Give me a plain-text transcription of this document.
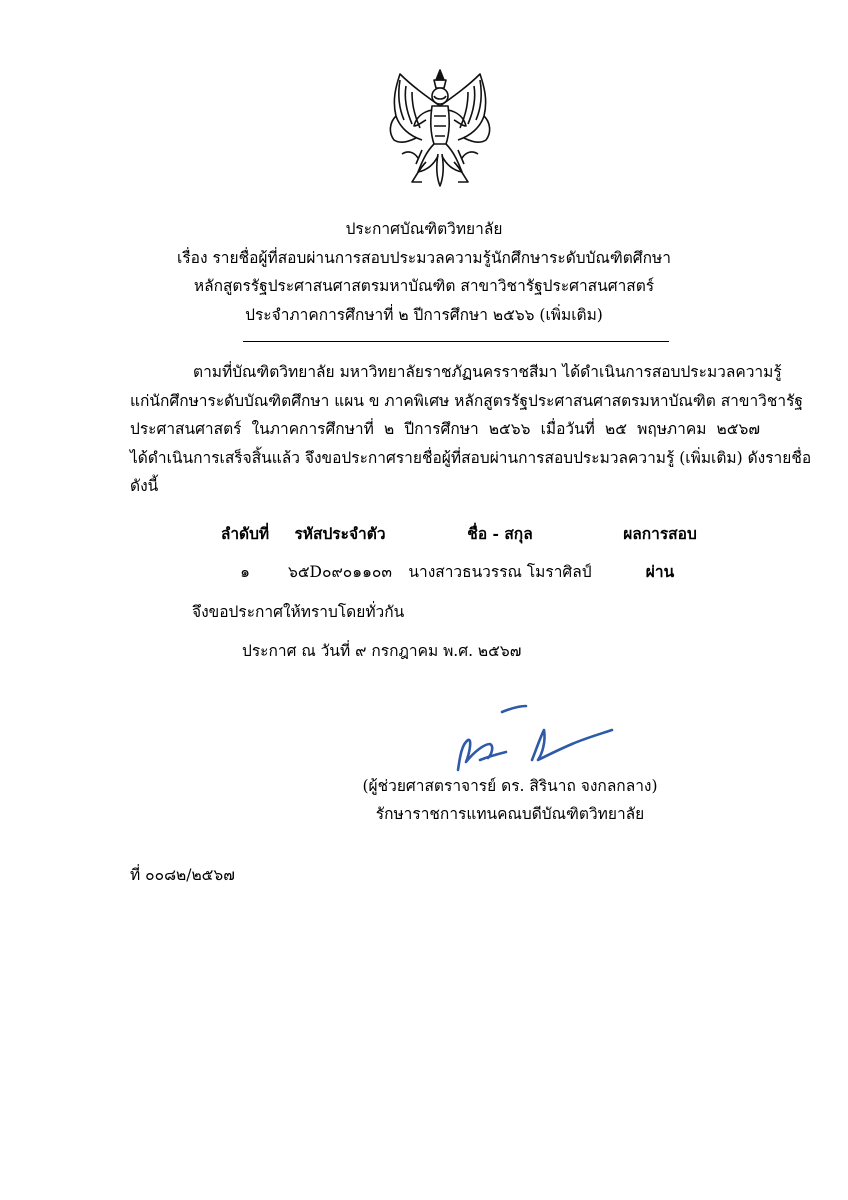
ประกาศบัณฑิตวิทยาลัย
เรื่อง รายชื่อผู้ที่สอบผ่านการสอบประมวลความรู้นักศึกษาระดับบัณฑิตศึกษา
หลักสูตรรัฐประศาสนศาสตรมหาบัณฑิต สาขาวิชารัฐประศาสนศาสตร์
ประจำภาคการศึกษาที่ ๒ ปีการศึกษา ๒๕๖๖ (เพิ่มเติม)
ตามที่บัณฑิตวิทยาลัย มหาวิทยาลัยราชภัฏนครราชสีมา ได้ดำเนินการสอบประมวลความรู้
แก่นักศึกษาระดับบัณฑิตศึกษา แผน ข ภาคพิเศษ หลักสูตรรัฐประศาสนศาสตรมหาบัณฑิต สาขาวิชารัฐ
ประศาสนศาสตร์ ในภาคการศึกษาที่ ๒ ปีการศึกษา ๒๕๖๖ เมื่อวันที่ ๒๕ พฤษภาคม ๒๕๖๗
ได้ดำเนินการเสร็จสิ้นแล้ว จึงขอประกาศรายชื่อผู้ที่สอบผ่านการสอบประมวลความรู้ (เพิ่มเติม) ดังรายชื่อ
ดังนี้
ลำดับที่	รหัสประจำตัว	ชื่อ - สกุล	ผลการสอบ
๑	๖๕D๐๙๐๑๑๐๓	นางสาวธนวรรณ โมราศิลป์	ผ่าน
จึงขอประกาศให้ทราบโดยทั่วกัน
ประกาศ ณ วันที่ ๙ กรกฎาคม พ.ศ. ๒๕๖๗
(ผู้ช่วยศาสตราจารย์ ดร. สิรินาถ จงกลกลาง)
รักษาราชการแทนคณบดีบัณฑิตวิทยาลัย
ที่ ๐๐๘๒/๒๕๖๗
